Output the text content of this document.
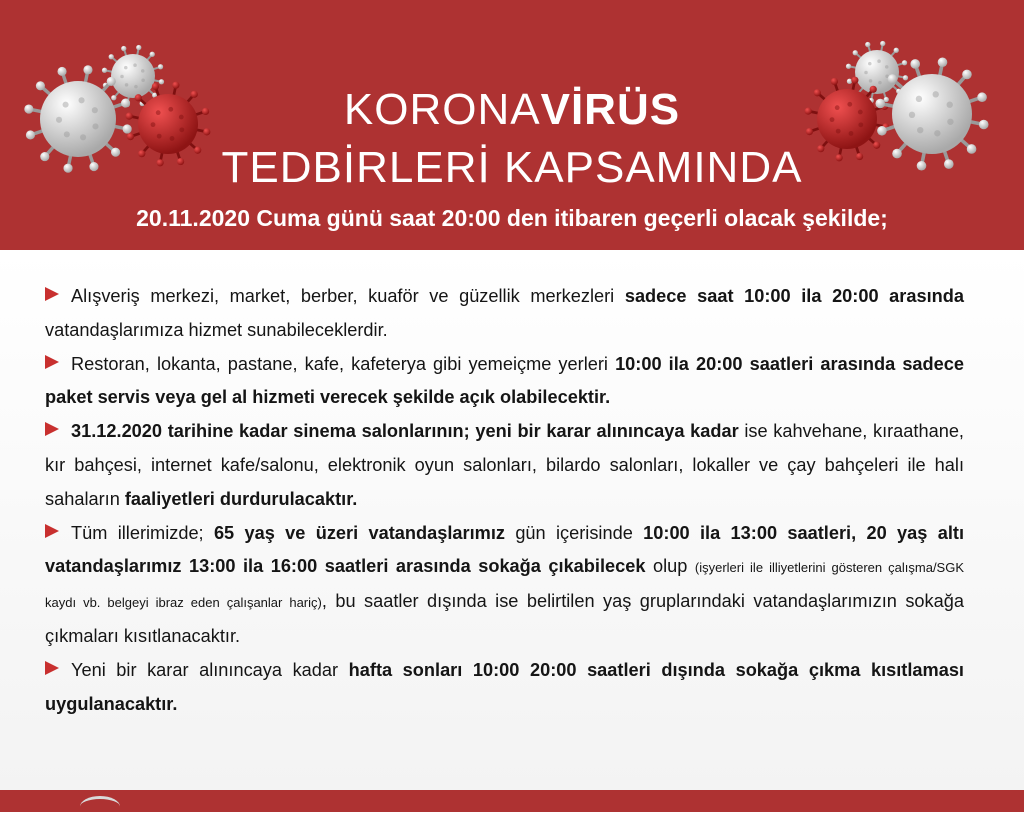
KORONAVİRÜS
TEDBİRLERİ KAPSAMINDA

20.11.2020 Cuma günü saat 20:00 den itibaren geçerli olacak şekilde;

Alışveriş merkezi, market, berber, kuaför ve güzellik merkezleri sadece saat 10:00 ila 20:00 arasında vatandaşlarımıza hizmet sunabileceklerdir.

Restoran, lokanta, pastane, kafe, kafeterya gibi yemeiçme yerleri 10:00 ila 20:00 saatleri arasında sadece paket servis veya gel al hizmeti verecek şekilde açık olabilecektir.

31.12.2020 tarihine kadar sinema salonlarının; yeni bir karar alınıncaya kadar ise kahvehane, kıraathane, kır bahçesi, internet kafe/salonu, elektronik oyun salonları, bilardo salonları, lokaller ve çay bahçeleri ile halı sahaların faaliyetleri durdurulacaktır.

Tüm illerimizde; 65 yaş ve üzeri vatandaşlarımız gün içerisinde 10:00 ila 13:00 saatleri, 20 yaş altı vatandaşlarımız 13:00 ila 16:00 saatleri arasında sokağa çıkabilecek olup (işyerleri ile illiyetlerini gösteren çalışma/SGK kaydı vb. belgeyi ibraz eden çalışanlar hariç), bu saatler dışında ise belirtilen yaş gruplarındaki vatandaşlarımızın sokağa çıkmaları kısıtlanacaktır.

Yeni bir karar alınıncaya kadar hafta sonları 10:00 20:00 saatleri dışında sokağa çıkma kısıtlaması uygulanacaktır.
